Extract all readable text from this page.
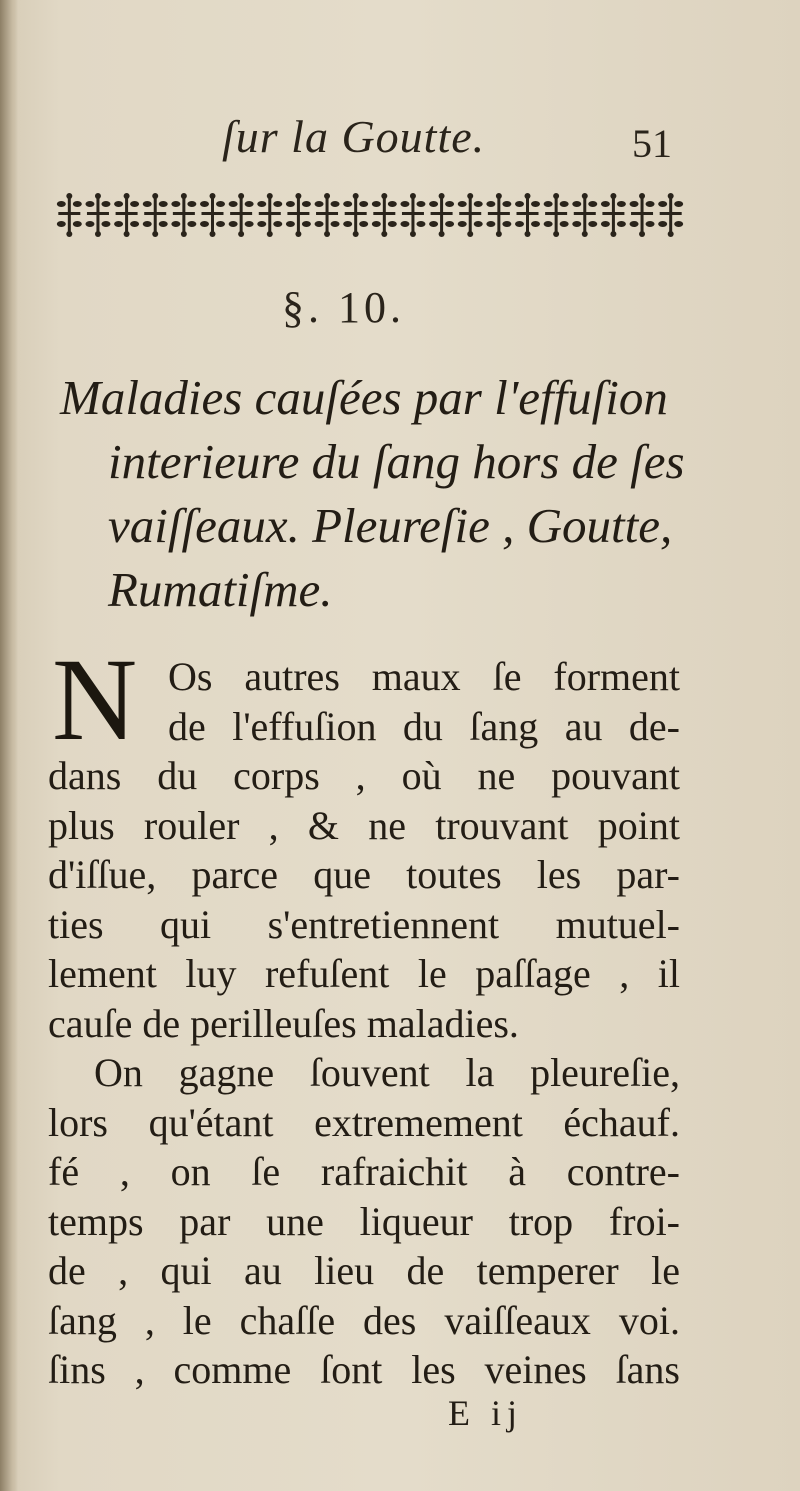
ſur la Goutte.	51
§. 10.
Maladies cauſées par l'effuſion
interieure du ſang hors de ſes
vaiſſeaux. Pleureſie , Goutte,
Rumatiſme.
N Os autres maux ſe forment
de l'effuſion du ſang au de-
dans du corps , où ne pouvant
plus rouler , & ne trouvant point
d'iſſue, parce que toutes les par-
ties qui s'entretiennent mutuel-
lement luy refuſent le paſſage , il
cauſe de perilleuſes maladies.
On gagne ſouvent la pleureſie,
lors qu'étant extremement échauf.
fé , on ſe rafraichit à contre-
temps par une liqueur trop froi-
de , qui au lieu de temperer le
ſang , le chaſſe des vaiſſeaux voi.
ſins , comme ſont les veines ſans
E ij
